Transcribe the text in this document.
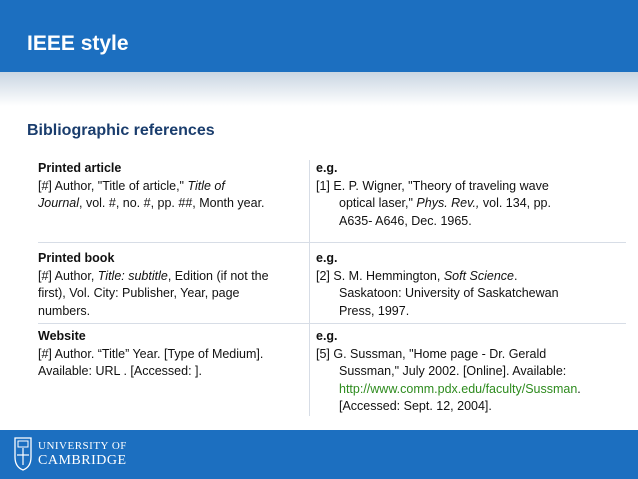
IEEE style
Bibliographic references
Printed article
[#] Author, "Title of article," Title of
Journal, vol. #, no. #, pp. ##, Month year.
e.g.
[1] E. P. Wigner, "Theory of traveling wave
optical laser," Phys. Rev., vol. 134, pp.
A635- A646, Dec. 1965.
Printed book
[#] Author, Title: subtitle, Edition (if not the
first), Vol. City: Publisher, Year, page
numbers.
e.g.
[2] S. M. Hemmington, Soft Science.
Saskatoon: University of Saskatchewan
Press, 1997.
Website
[#] Author. “Title” Year. [Type of Medium].
Available: URL . [Accessed: ].
e.g.
[5] G. Sussman, "Home page - Dr. Gerald
Sussman," July 2002. [Online]. Available:
http://www.comm.pdx.edu/faculty/Sussman.
[Accessed: Sept. 12, 2004].
UNIVERSITY OF
CAMBRIDGE
